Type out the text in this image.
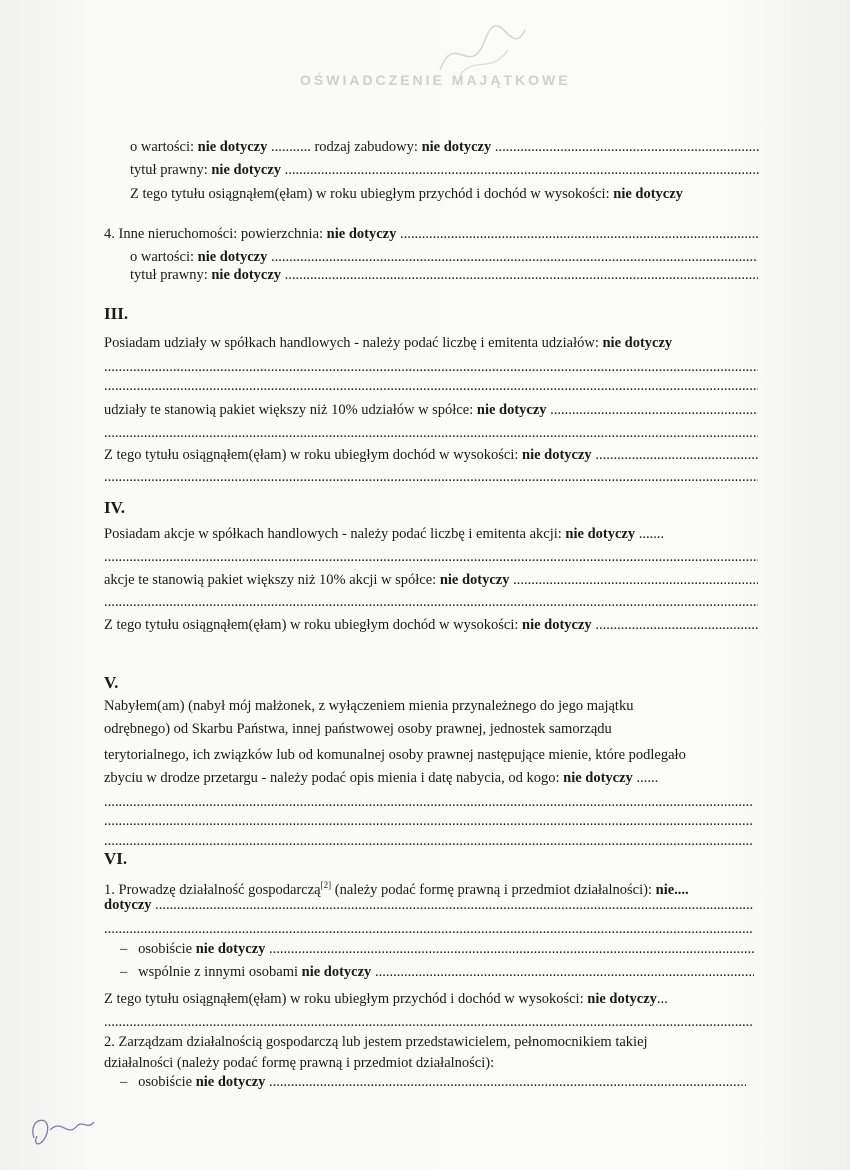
OŚWIADCZENIE MAJĄTKOWE
o wartości: nie dotyczy ........... rodzaj zabudowy: nie dotyczy .....
tytuł prawny: nie dotyczy .....
Z tego tytułu osiągnąłem(ęłam) w roku ubiegłym przychód i dochód w wysokości: nie dotyczy
4. Inne nieruchomości: powierzchnia: nie dotyczy .....
o wartości: nie dotyczy .....
tytuł prawny: nie dotyczy .....
III.
Posiadam udziały w spółkach handlowych - należy podać liczbę i emitenta udziałów: nie dotyczy
.....
.....
udziały te stanowią pakiet większy niż 10% udziałów w spółce: nie dotyczy .....
.....
Z tego tytułu osiągnąłem(ęłam) w roku ubiegłym dochód w wysokości: nie dotyczy .....
.....
IV.
Posiadam akcje w spółkach handlowych - należy podać liczbę i emitenta akcji: nie dotyczy .......
.....
akcje te stanowią pakiet większy niż 10% akcji w spółce: nie dotyczy .....
.....
Z tego tytułu osiągnąłem(ęłam) w roku ubiegłym dochód w wysokości: nie dotyczy .....
V.
Nabyłem(am) (nabył mój małżonek, z wyłączeniem mienia przynależnego do jego majątku
odrębnego) od Skarbu Państwa, innej państwowej osoby prawnej, jednostek samorządu
terytorialnego, ich związków lub od komunalnej osoby prawnej następujące mienie, które podlegało
zbyciu w drodze przetargu - należy podać opis mienia i datę nabycia, od kogo: nie dotyczy ......
.....
.....
.....
VI.
1. Prowadzę działalność gospodarczą[2] (należy podać formę prawną i przedmiot działalności): nie....
dotyczy .....
.....
– osobiście nie dotyczy .....
– wspólnie z innymi osobami nie dotyczy .....
Z tego tytułu osiągnąłem(ęłam) w roku ubiegłym przychód i dochód w wysokości: nie dotyczy...
.....
2. Zarządzam działalnością gospodarczą lub jestem przedstawicielem, pełnomocnikiem takiej
działalności (należy podać formę prawną i przedmiot działalności):
– osobiście nie dotyczy .....
